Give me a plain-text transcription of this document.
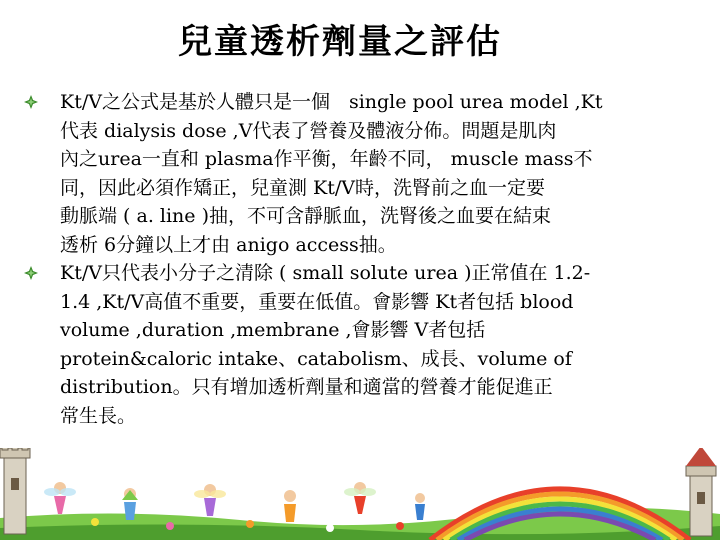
兒童透析劑量之評估
Kt/V之公式是基於人體只是一個　single pool urea model ,Kt
代表 dialysis dose ,V代表了營養及體液分佈。問題是肌肉
內之urea一直和 plasma作平衡，年齡不同， muscle mass不
同，因此必須作矯正，兒童測 Kt/V時，洗腎前之血一定要
動脈端 ( a. line )抽，不可含靜脈血，洗腎後之血要在結束
透析 6分鐘以上才由 anigo access抽。
Kt/V只代表小分子之清除 ( small solute urea )正常值在 1.2-
1.4 ,Kt/V高值不重要，重要在低值。會影響 Kt者包括 blood
volume ,duration ,membrane ,會影響 V者包括
protein&caloric intake、catabolism、成長、volume of
distribution。只有增加透析劑量和適當的營養才能促進正
常生長。
